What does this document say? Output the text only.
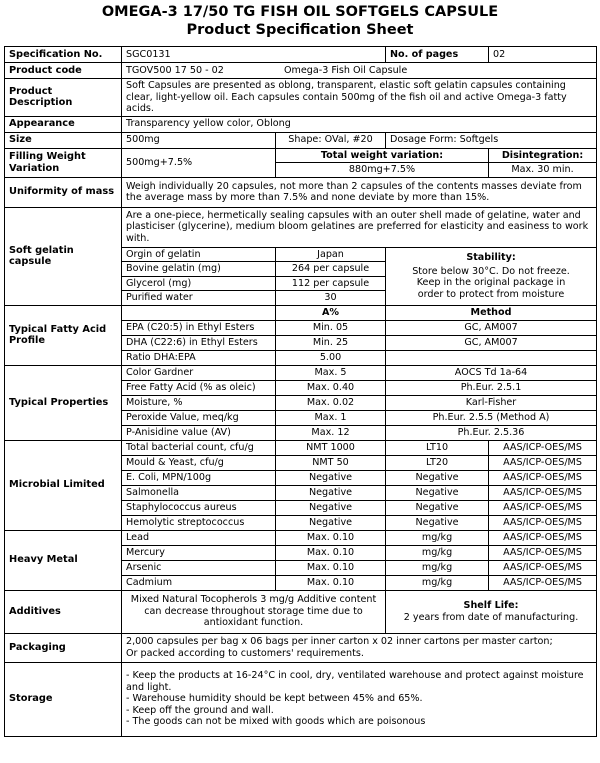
OMEGA-3 17/50 TG FISH OIL SOFTGELS CAPSULE
Product Specification Sheet
Specification No.	SGC0131		No. of pages	02
Product code	TGOV500 17 50 - 02 Omega-3 Fish Oil Capsule			
Product Description	Soft Capsules are presented as oblong, transparent, elastic soft gelatin capsules containing clear, light-yellow oil. Each capsules contain 500mg of the fish oil and active Omega-3 fatty acids.			
Appearance	Transparency yellow color, Oblong			
Size	500mg	Shape: OVal, #20	Dosage Form: Softgels	
Filling Weight Variation	500mg+7.5%	Total weight variation:		Disintegration:
		880mg+7.5%		Max. 30 min.
Uniformity of mass	Weigh individually 20 capsules, not more than 2 capsules of the contents masses deviate from the average mass by more than 7.5% and none deviate by more than 15%.			
Soft gelatin capsule	Are a one-piece, hermetically sealing capsules with an outer shell made of gelatine, water and plasticiser (glycerine), medium bloom gelatines are preferred for elasticity and easiness to work with.			
	Orgin of gelatin	Japan	Stability:
Store below 30°C. Do not freeze. Keep in the original package in order to protect from moisture	

	Bovine gelatin (mg)	264 per capsule		
	Glycerol (mg)	112 per capsule		
	Purified water	30		
Typical Fatty Acid Profile		A%	Method	
	EPA (C20:5) in Ethyl Esters	Min. 05	GC, AM007	
	DHA (C22:6) in Ethyl Esters	Min. 25	GC, AM007	
	Ratio DHA:EPA	5.00		
Typical Properties	Color Gardner	Max. 5	AOCS Td 1a-64	
	Free Fatty Acid (% as oleic)	Max. 0.40	Ph.Eur. 2.5.1	
	Moisture, %	Max. 0.02	Karl-Fisher	
	Peroxide Value, meq/kg	Max. 1	Ph.Eur. 2.5.5 (Method A)	
	P-Anisidine value (AV)	Max. 12	Ph.Eur. 2.5.36	
Microbial Limited	Total bacterial count, cfu/g	NMT 1000	LT10	AAS/ICP-OES/MS
	Mould & Yeast, cfu/g	NMT 50	LT20	AAS/ICP-OES/MS
	E. Coli, MPN/100g	Negative	Negative	AAS/ICP-OES/MS
	Salmonella	Negative	Negative	AAS/ICP-OES/MS
	Staphylococcus aureus	Negative	Negative	AAS/ICP-OES/MS
	Hemolytic streptococcus	Negative	Negative	AAS/ICP-OES/MS
Heavy Metal	Lead	Max. 0.10	mg/kg	AAS/ICP-OES/MS
	Mercury	Max. 0.10	mg/kg	AAS/ICP-OES/MS
	Arsenic	Max. 0.10	mg/kg	AAS/ICP-OES/MS
	Cadmium	Max. 0.10	mg/kg	AAS/ICP-OES/MS
Additives	Mixed Natural Tocopherols 3 mg/g Additive content can decrease throughout storage time due to antioxidant function.		Shelf Life:
2 years from date of manufacturing.	

Packaging	2,000 capsules per bag x 06 bags per inner carton x 02 inner cartons per master carton;
Or packed according to customers' requirements.			

Storage	- Keep the products at 16-24°C in cool, dry, ventilated warehouse and protect against moisture and light.
- Warehouse humidity should be kept between 45% and 65%.
- Keep off the ground and wall.
- The goods can not be mixed with goods which are poisonous			
